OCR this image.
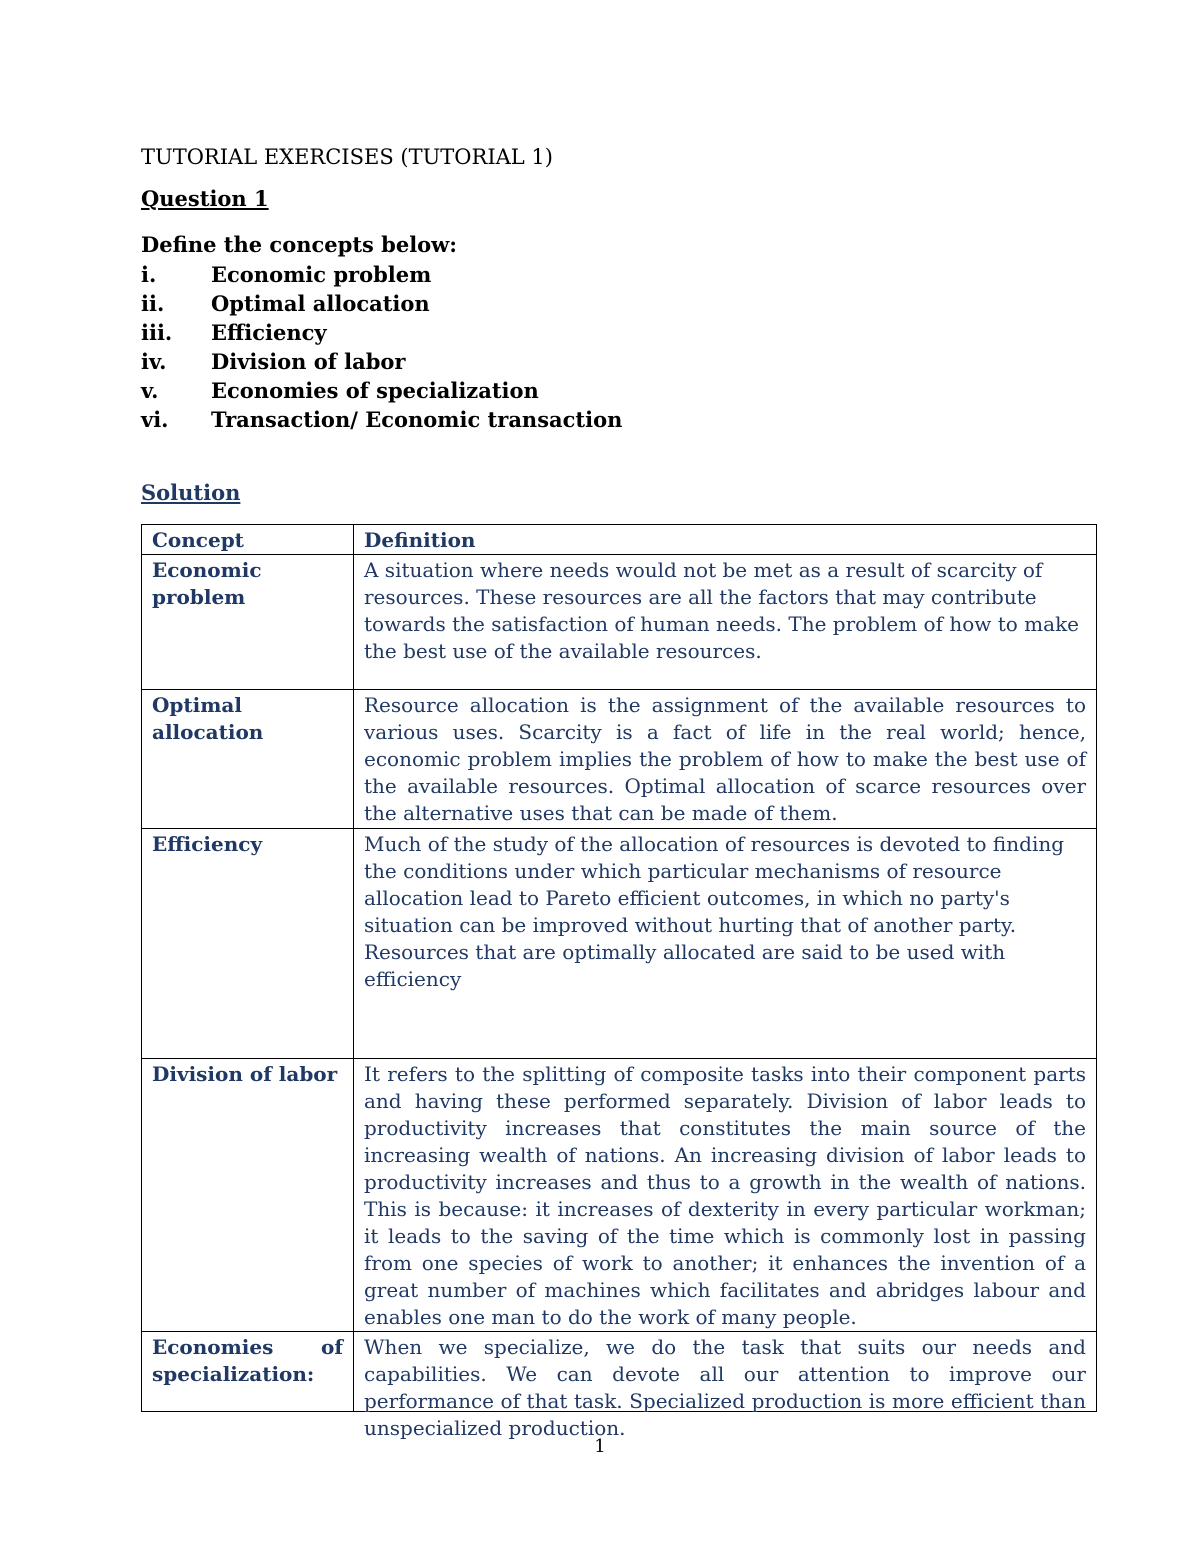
TUTORIAL EXERCISES (TUTORIAL 1)
Question 1
Define the concepts below:
i.	Economic problem
ii.	Optimal allocation
iii.	Efficiency
iv.	Division of labor
v.	Economies of specialization
vi.	Transaction/ Economic transaction
Solution
Concept	Definition
Economic problem	A situation where needs would not be met as a result of scarcity of resources. These resources are all the factors that may contribute towards the satisfaction of human needs. The problem of how to make the best use of the available resources.
Optimal allocation	Resource allocation is the assignment of the available resources to various uses. Scarcity is a fact of life in the real world; hence, economic problem implies the problem of how to make the best use of the available resources. Optimal allocation of scarce resources over the alternative uses that can be made of them.
Efficiency	Much of the study of the allocation of resources is devoted to finding the conditions under which particular mechanisms of resource allocation lead to Pareto efficient outcomes, in which no party's situation can be improved without hurting that of another party. Resources that are optimally allocated are said to be used with efficiency
Division of labor	It refers to the splitting of composite tasks into their component parts and having these performed separately. Division of labor leads to productivity increases that constitutes the main source of the increasing wealth of nations. An increasing division of labor leads to productivity increases and thus to a growth in the wealth of nations. This is because: it increases of dexterity in every particular workman; it leads to the saving of the time which is commonly lost in passing from one species of work to another; it enhances the invention of a great number of machines which facilitates and abridges labour and enables one man to do the work of many people.

Economies of specialization:	When we specialize, we do the task that suits our needs and capabilities. We can devote all our attention to improve our performance of that task. Specialized production is more efficient than unspecialized production.
1
